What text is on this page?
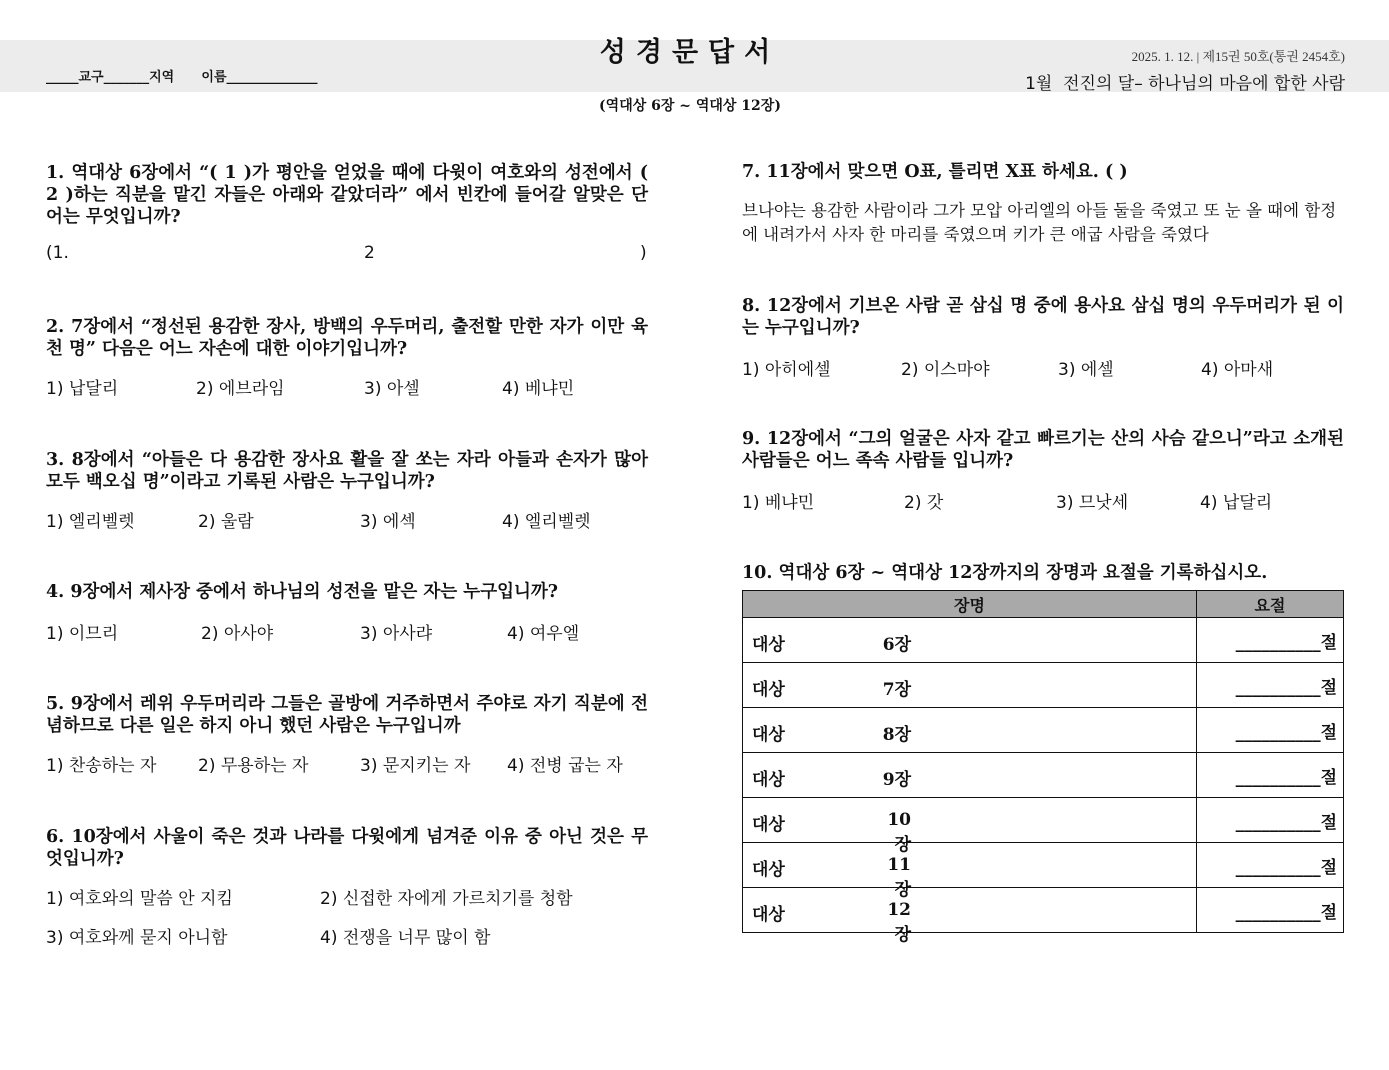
성경문답서
(역대상 6장 ~ 역대상 12장)
_____교구_______지역      이름______________
2025. 1. 12. | 제15권 50호(통권 2454호)
1월  전진의 달– 하나님의 마음에 합한 사람
1. 역대상 6장에서 “( 1 )가 평안을 얻었을 때에 다윗이 여호와의 성전에서 ( 2 )하는 직분을 맡긴 자들은 아래와 같았더라” 에서 빈칸에 들어갈 알맞은 단어는 무엇입니까?

(1.

	2

	)

2. 7장에서 “정선된 용감한 장사, 방백의 우두머리, 출전할 만한 자가 이만 육천 명” 다음은 어느 자손에 대한 이야기입니까?

1) 납달리

	2) 에브라임

	3) 아셀

	4) 베냐민

3. 8장에서 “아들은 다 용감한 장사요 활을 잘 쏘는 자라 아들과 손자가 많아 모두 백오십 명”이라고 기록된 사람은 누구입니까?

1) 엘리벨렛

	2) 울람

	3) 에섹

	4) 엘리벨렛

4. 9장에서 제사장 중에서 하나님의 성전을 맡은 자는 누구입니까?

1) 이므리

	2) 아사야

	3) 아사랴

	4) 여우엘

5. 9장에서 레위 우두머리라 그들은 골방에 거주하면서 주야로 자기 직분에 전념하므로 다른 일은 하지 아니 했던 사람은 누구입니까

1) 찬송하는 자

2) 무용하는 자

	3) 문지키는 자

4) 전병 굽는 자

6. 10장에서 사울이 죽은 것과 나라를 다윗에게 넘겨준 이유 중 아닌 것은 무엇입니까?

1) 여호와의 말씀 안 지킴

	2) 신접한 자에게 가르치기를 청함

3) 여호와께 묻지 아니함

	4) 전쟁을 너무 많이 함

7. 11장에서 맞으면 O표, 틀리면 X표 하세요. ( )
브나야는 용감한 사람이라 그가 모압 아리엘의 아들 둘을 죽였고 또 눈 올 때에 함정에 내려가서 사자 한 마리를 죽였으며 키가 큰 애굽 사람을 죽였다
8. 12장에서 기브온 사람 곧 삼십 명 중에 용사요 삼십 명의 우두머리가 된 이는 누구입니까?

1) 아히에셀

	2) 이스마야

	3) 에셀

	4) 아마새

9. 12장에서 “그의 얼굴은 사자 같고 빠르기는 산의 사슴 같으니”라고 소개된 사람들은 어느 족속 사람들 입니까?

1) 베냐민

	2) 갓

	3) 므낫세

	4) 납달리

10. 역대상 6장 ~ 역대상 12장까지의 장명과 요절을 기록하십시오.
장명	요절

대상 6장	__________절

대상 7장	__________절

대상 8장	__________절

대상 9장	__________절

대상 10장	__________절

대상 11장	__________절

대상 12장	__________절
